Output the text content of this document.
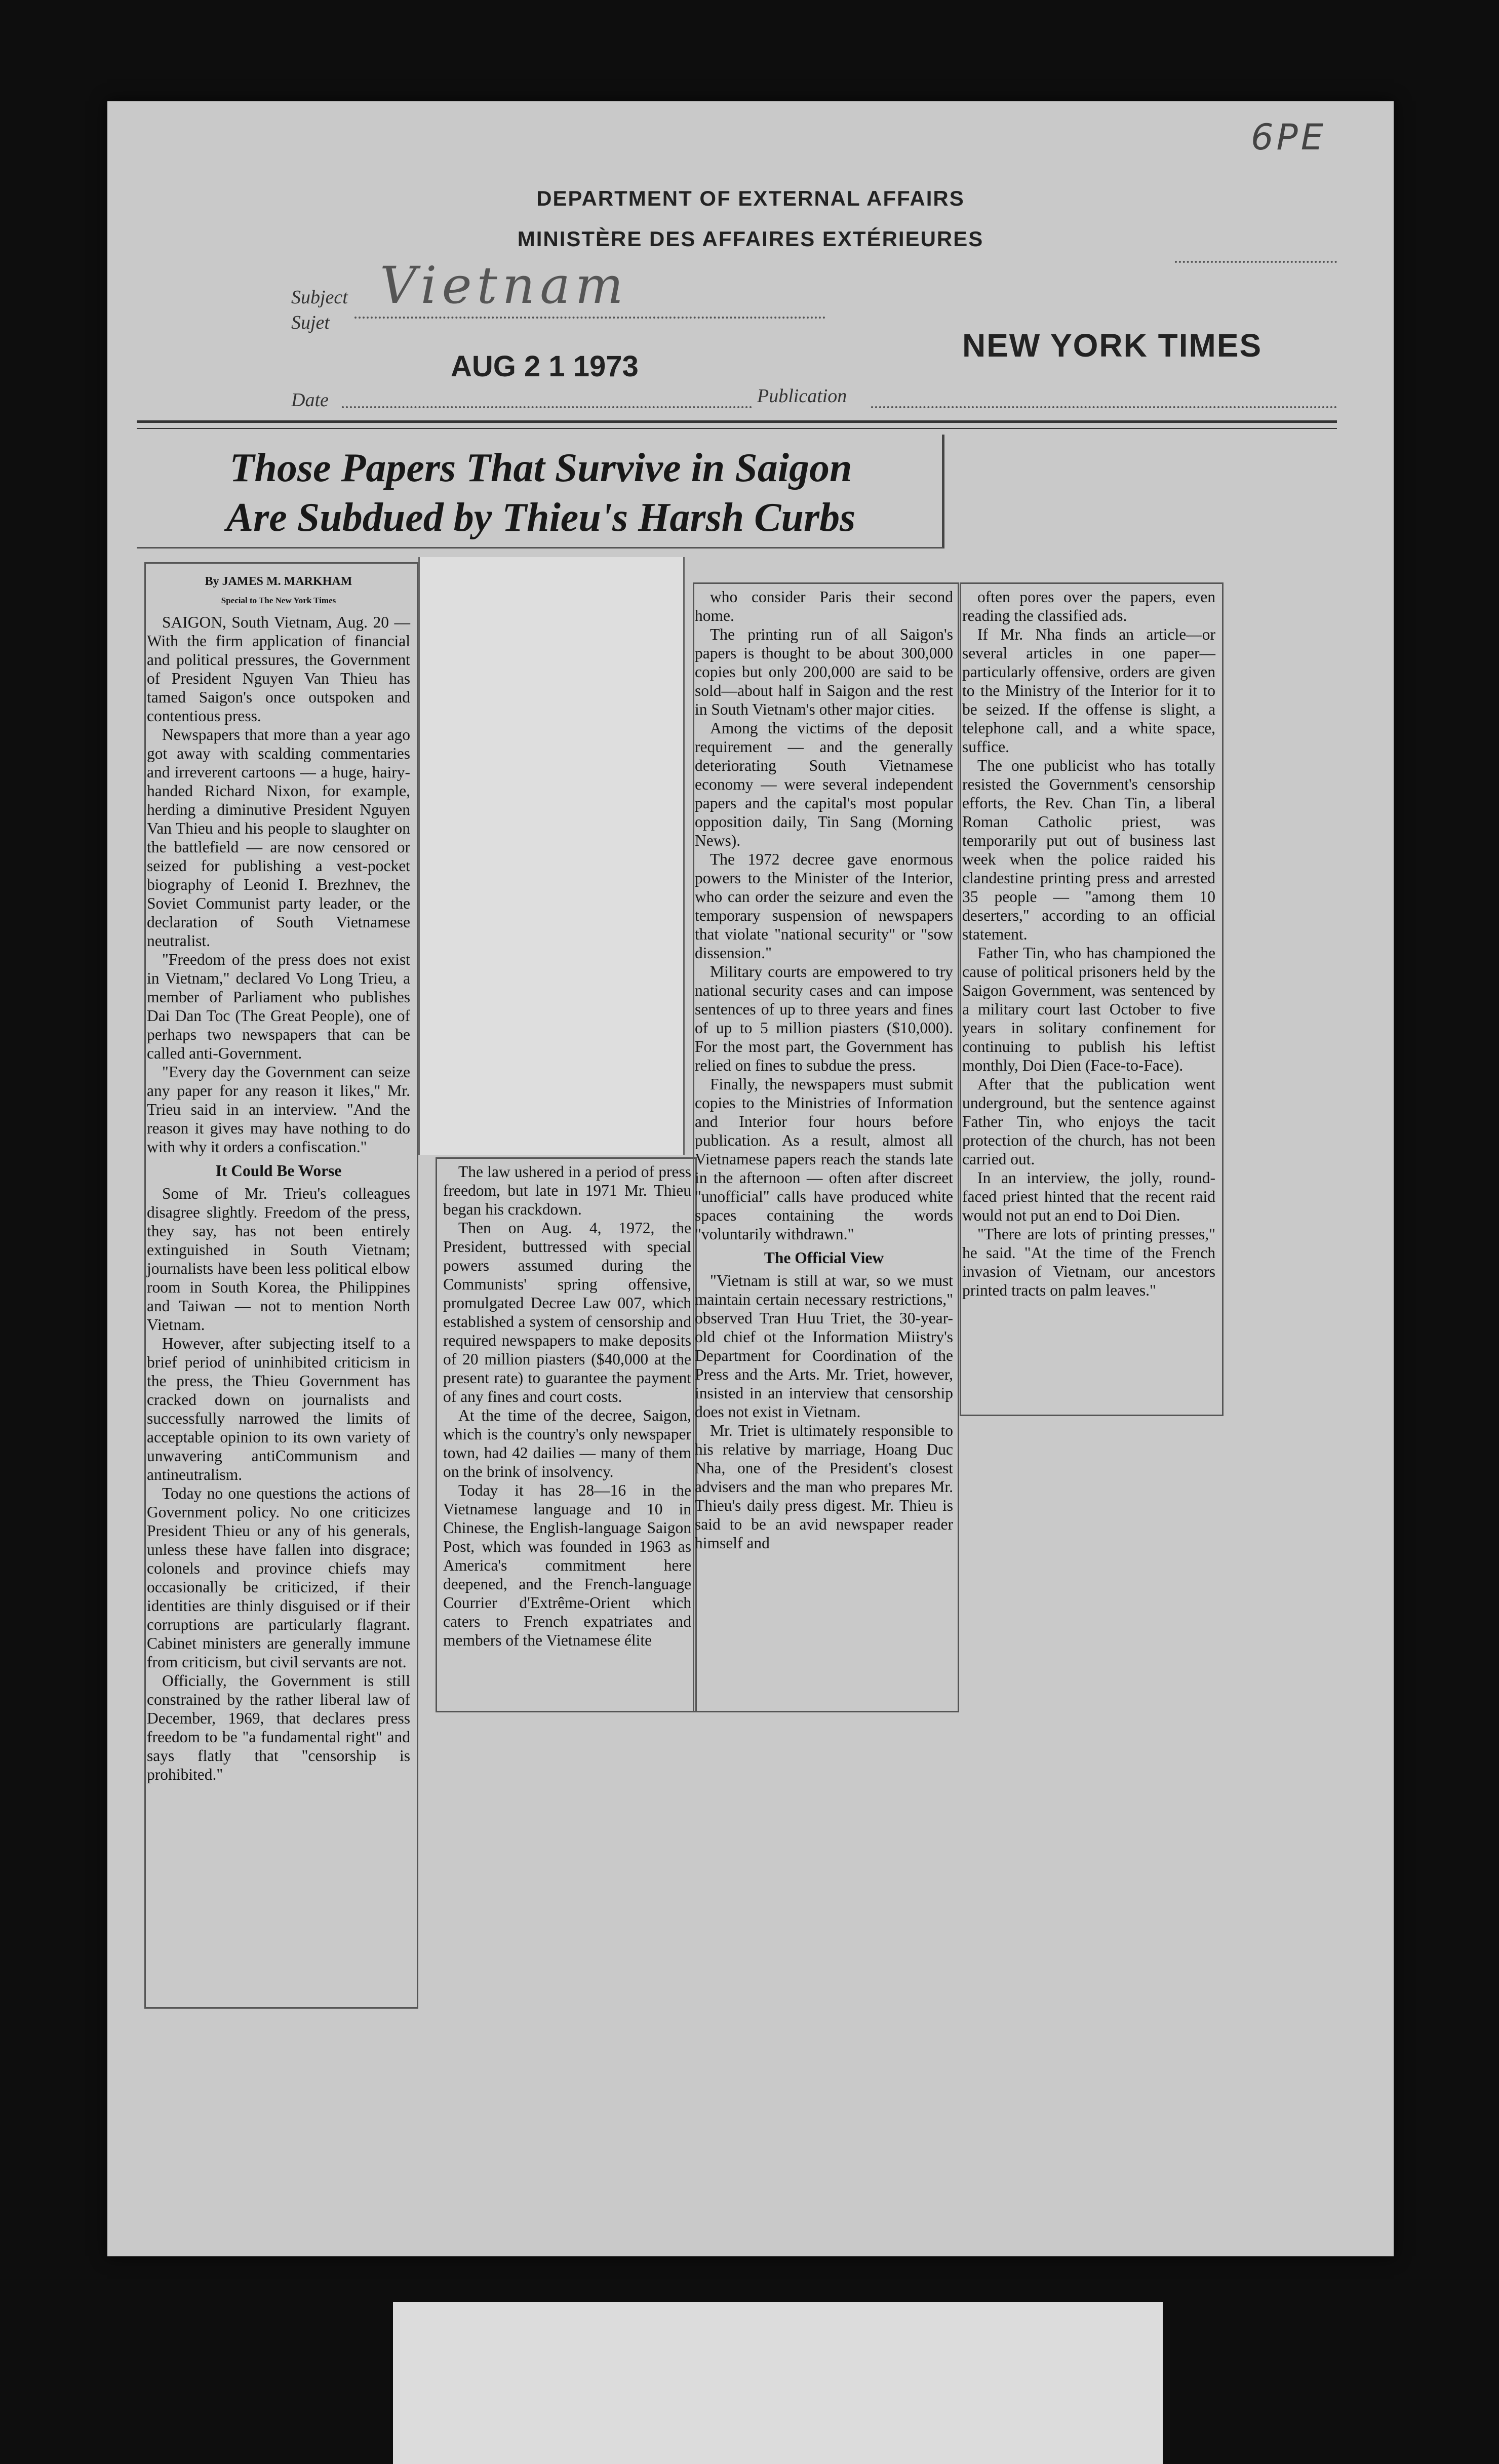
6PE
DEPARTMENT OF EXTERNAL AFFAIRS
MINISTÈRE DES AFFAIRES EXTÉRIEURES
Subject
Sujet
Vietnam
AUG 2 1 1973
NEW YORK TIMES
Date	Publication
Those Papers That Survive in Saigon
Are Subdued by Thieu's Harsh Curbs

By JAMES M. MARKHAM

Special to The New York Times

SAIGON, South Vietnam, Aug. 20 — With the firm application of financial and political pressures, the Government of President Nguyen Van Thieu has tamed Saigon's once outspoken and contentious press.

Newspapers that more than a year ago got away with scalding commentaries and irreverent cartoons — a huge, hairy-handed Richard Nixon, for example, herding a diminutive President Nguyen Van Thieu and his people to slaughter on the battlefield — are now censored or seized for publishing a vest-pocket biography of Leonid I. Brezhnev, the Soviet Communist party leader, or the declaration of South Vietnamese neutralist.

"Freedom of the press does not exist in Vietnam," declared Vo Long Trieu, a member of Parliament who publishes Dai Dan Toc (The Great People), one of perhaps two newspapers that can be called anti-Government.

"Every day the Government can seize any paper for any reason it likes," Mr. Trieu said in an interview. "And the reason it gives may have nothing to do with why it orders a confiscation."

It Could Be Worse

Some of Mr. Trieu's colleagues disagree slightly. Freedom of the press, they say, has not been entirely extinguished in South Vietnam; journalists have been less political elbow room in South Korea, the Philippines and Taiwan — not to mention North Vietnam.

However, after subjecting itself to a brief period of uninhibited criticism in the press, the Thieu Government has cracked down on journalists and successfully narrowed the limits of acceptable opinion to its own variety of unwavering antiCommunism and antineutralism.

Today no one questions the actions of Government policy. No one criticizes President Thieu or any of his generals, unless these have fallen into disgrace; colonels and province chiefs may occasionally be criticized, if their identities are thinly disguised or if their corruptions are particularly flagrant. Cabinet ministers are generally immune from criticism, but civil servants are not.

Officially, the Government is still constrained by the rather liberal law of December, 1969, that declares press freedom to be "a fundamental right" and says flatly that "censorship is prohibited."

The law ushered in a period of press freedom, but late in 1971 Mr. Thieu began his crackdown.

Then on Aug. 4, 1972, the President, buttressed with special powers assumed during the Communists' spring offensive, promulgated Decree Law 007, which established a system of censorship and required newspapers to make deposits of 20 million piasters ($40,000 at the present rate) to guarantee the payment of any fines and court costs.

At the time of the decree, Saigon, which is the country's only newspaper town, had 42 dailies — many of them on the brink of insolvency.

Today it has 28—16 in the Vietnamese language and 10 in Chinese, the English-language Saigon Post, which was founded in 1963 as America's commitment here deepened, and the French-language Courrier d'Extrême-Orient which caters to French expatriates and members of the Vietnamese élite

who consider Paris their second home.

The printing run of all Saigon's papers is thought to be about 300,000 copies but only 200,000 are said to be sold—about half in Saigon and the rest in South Vietnam's other major cities.

Among the victims of the deposit requirement — and the generally deteriorating South Vietnamese economy — were several independent papers and the capital's most popular opposition daily, Tin Sang (Morning News).

The 1972 decree gave enormous powers to the Minister of the Interior, who can order the seizure and even the temporary suspension of newspapers that violate "national security" or "sow dissension."

Military courts are empowered to try national security cases and can impose sentences of up to three years and fines of up to 5 million piasters ($10,000). For the most part, the Government has relied on fines to subdue the press.

Finally, the newspapers must submit copies to the Ministries of Information and Interior four hours before publication. As a result, almost all Vietnamese papers reach the stands late in the afternoon — often after discreet "unofficial" calls have produced white spaces containing the words "voluntarily withdrawn."

The Official View

"Vietnam is still at war, so we must maintain certain necessary restrictions," observed Tran Huu Triet, the 30-year-old chief ot the Information Miistry's Department for Coordination of the Press and the Arts. Mr. Triet, however, insisted in an interview that censorship does not exist in Vietnam.

Mr. Triet is ultimately responsible to his relative by marriage, Hoang Duc Nha, one of the President's closest advisers and the man who prepares Mr. Thieu's daily press digest. Mr. Thieu is said to be an avid newspaper reader himself and

often pores over the papers, even reading the classified ads.

If Mr. Nha finds an article—or several articles in one paper—particularly offensive, orders are given to the Ministry of the Interior for it to be seized. If the offense is slight, a telephone call, and a white space, suffice.

The one publicist who has totally resisted the Government's censorship efforts, the Rev. Chan Tin, a liberal Roman Catholic priest, was temporarily put out of business last week when the police raided his clandestine printing press and arrested 35 people — "among them 10 deserters," according to an official statement.

Father Tin, who has championed the cause of political prisoners held by the Saigon Government, was sentenced by a military court last October to five years in solitary confinement for continuing to publish his leftist monthly, Doi Dien (Face-to-Face).

After that the publication went underground, but the sentence against Father Tin, who enjoys the tacit protection of the church, has not been carried out.

In an interview, the jolly, round-faced priest hinted that the recent raid would not put an end to Doi Dien.

"There are lots of printing presses," he said. "At the time of the French invasion of Vietnam, our ancestors printed tracts on palm leaves."
